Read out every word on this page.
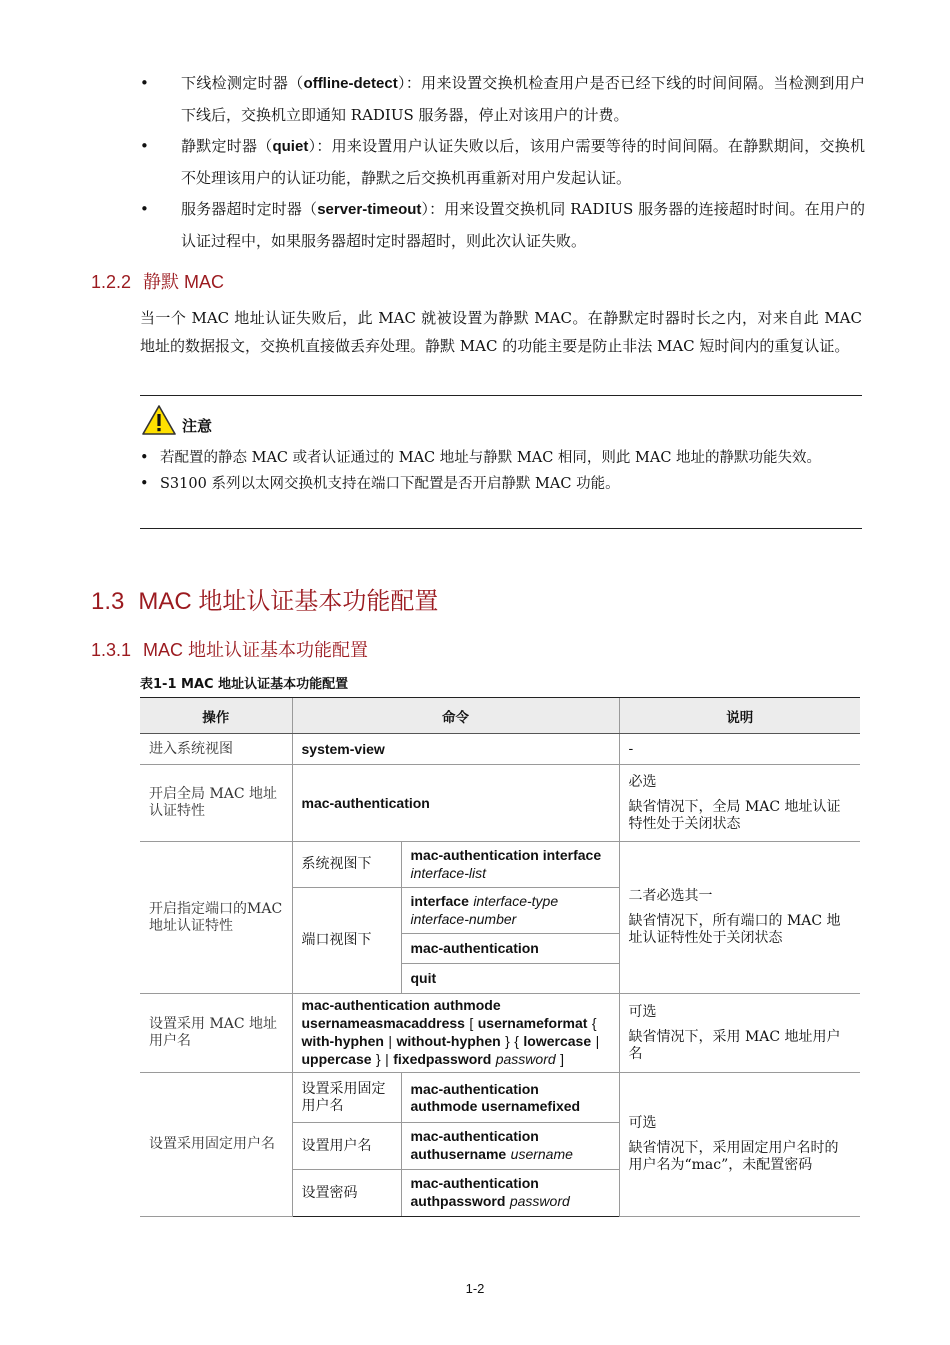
• 下线检测定时器（offline-detect）：用来设置交换机检查用户是否已经下线的时间间隔。当检测到用户下线后，交换机立即通知 RADIUS 服务器，停止对该用户的计费。
• 静默定时器（quiet）：用来设置用户认证失败以后，该用户需要等待的时间间隔。在静默期间，交换机不处理该用户的认证功能，静默之后交换机再重新对用户发起认证。
• 服务器超时定时器（server-timeout）：用来设置交换机同 RADIUS 服务器的连接超时时间。在用户的认证过程中，如果服务器超时定时器超时，则此次认证失败。
1.2.2 静默 MAC
当一个 MAC 地址认证失败后，此 MAC 就被设置为静默 MAC。在静默定时器时长之内，对来自此 MAC 地址的数据报文，交换机直接做丢弃处理。静默 MAC 的功能主要是防止非法 MAC 短时间内的重复认证。
注意
• 若配置的静态 MAC 或者认证通过的 MAC 地址与静默 MAC 相同，则此 MAC 地址的静默功能失效。
• S3100 系列以太网交换机支持在端口下配置是否开启静默 MAC 功能。
1.3 MAC 地址认证基本功能配置
1.3.1 MAC 地址认证基本功能配置
表1-1 MAC 地址认证基本功能配置
操作	命令		说明
进入系统视图	system-view		-
开启全局 MAC 地址认证特性	mac-authentication		必选
缺省情况下，全局 MAC 地址认证特性处于关闭状态
开启指定端口的MAC地址认证特性	系统视图下	mac-authentication interface
interface-list	二者必选其一
缺省情况下，所有端口的 MAC 地址认证特性处于关闭状态
	端口视图下	interface interface-type
interface-number	
		mac-authentication	
		quit	
设置采用 MAC 地址用户名	mac-authentication authmode usernameasmacaddress [ usernameformat { with-hyphen | without-hyphen } { lowercase | uppercase } | fixedpassword password ]		可选
缺省情况下，采用 MAC 地址用户名
设置采用固定用户名	设置采用固定用户名	mac-authentication authmode usernamefixed	可选
缺省情况下，采用固定用户名时的用户名为“mac”，未配置密码
	设置用户名	mac-authentication authusername username	
	设置密码	mac-authentication authpassword password	
1-2
